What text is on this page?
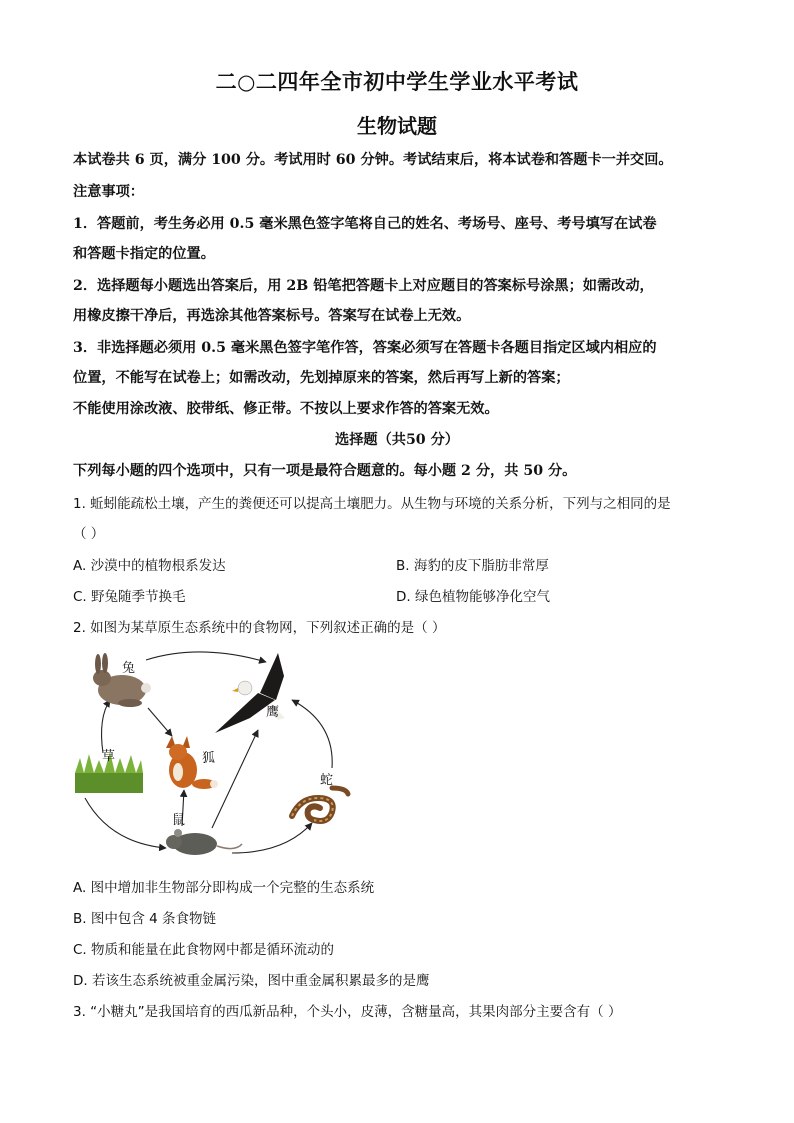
二○二四年全市初中学生学业水平考试
生物试题
本试卷共 6 页，满分 100 分。考试用时 60 分钟。考试结束后，将本试卷和答题卡一并交回。
注意事项：
1．答题前，考生务必用 0.5 毫米黑色签字笔将自己的姓名、考场号、座号、考号填写在试卷
和答题卡指定的位置。
2．选择题每小题选出答案后，用 2B 铅笔把答题卡上对应题目的答案标号涂黑；如需改动，
用橡皮擦干净后，再选涂其他答案标号。答案写在试卷上无效。
3．非选择题必须用 0.5 毫米黑色签字笔作答，答案必须写在答题卡各题目指定区域内相应的
位置，不能写在试卷上；如需改动，先划掉原来的答案，然后再写上新的答案；
不能使用涂改液、胶带纸、修正带。不按以上要求作答的答案无效。
选择题（共50 分）
下列每小题的四个选项中，只有一项是最符合题意的。每小题 2 分，共 50 分。
1. 蚯蚓能疏松土壤，产生的粪便还可以提高土壤肥力。从生物与环境的关系分析，下列与之相同的是
（ ）
A. 沙漠中的植物根系发达	B. 海豹的皮下脂肪非常厚
C. 野兔随季节换毛	D. 绿色植物能够净化空气
2. 如图为某草原生态系统中的食物网，下列叙述正确的是（ ）
兔
鹰
草	狐
蛇
鼠
A. 图中增加非生物部分即构成一个完整的生态系统
B. 图中包含 4 条食物链
C. 物质和能量在此食物网中都是循环流动的
D. 若该生态系统被重金属污染，图中重金属积累最多的是鹰
3. “小糖丸”是我国培育的西瓜新品种，个头小，皮薄，含糖量高，其果肉部分主要含有（ ）
